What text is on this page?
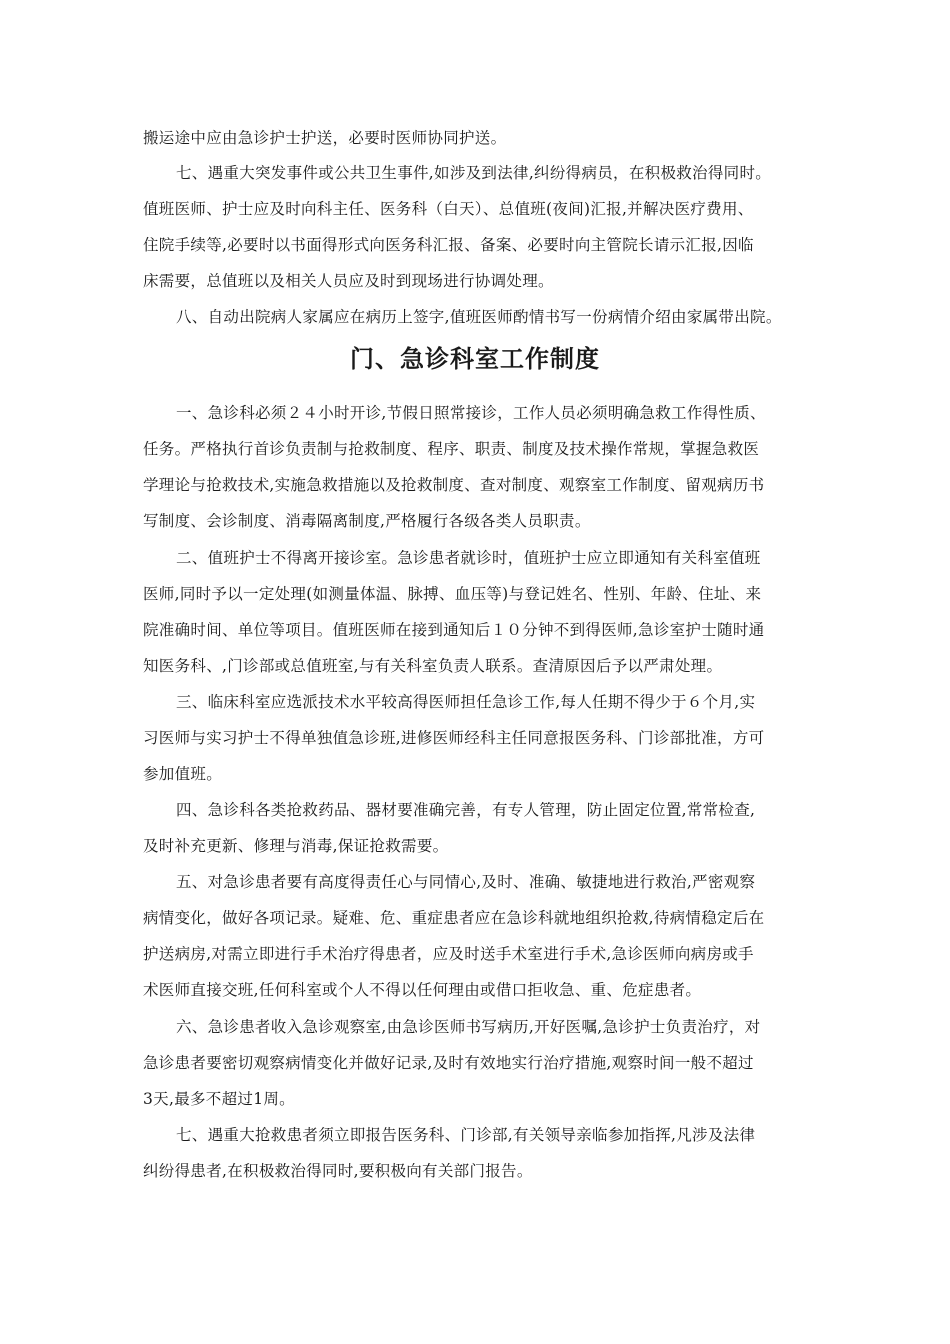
搬运途中应由急诊护士护送，必要时医师协同护送。
七、遇重大突发事件或公共卫生事件,如涉及到法律,纠纷得病员，在积极救治得同时。
值班医师、护士应及时向科主任、医务科（白天）、总值班(夜间)汇报,并解决医疗费用、
住院手续等,必要时以书面得形式向医务科汇报、备案、必要时向主管院长请示汇报,因临
床需要，总值班以及相关人员应及时到现场进行协调处理。
八、自动出院病人家属应在病历上签字,值班医师酌情书写一份病情介绍由家属带出院。
门、急诊科室工作制度
一、急诊科必须２４小时开诊,节假日照常接诊，工作人员必须明确急救工作得性质、
任务。严格执行首诊负责制与抢救制度、程序、职责、制度及技术操作常规，掌握急救医
学理论与抢救技术,实施急救措施以及抢救制度、查对制度、观察室工作制度、留观病历书
写制度、会诊制度、消毒隔离制度,严格履行各级各类人员职责。
二、值班护士不得离开接诊室。急诊患者就诊时，值班护士应立即通知有关科室值班
医师,同时予以一定处理(如测量体温、脉搏、血压等)与登记姓名、性别、年龄、住址、来
院准确时间、单位等项目。值班医师在接到通知后１０分钟不到得医师,急诊室护士随时通
知医务科、,门诊部或总值班室,与有关科室负责人联系。查清原因后予以严肃处理。
三、临床科室应选派技术水平较高得医师担任急诊工作,每人任期不得少于６个月,实
习医师与实习护士不得单独值急诊班,进修医师经科主任同意报医务科、门诊部批准，方可
参加值班。
四、急诊科各类抢救药品、器材要准确完善，有专人管理，防止固定位置,常常检查,
及时补充更新、修理与消毒,保证抢救需要。
五、对急诊患者要有高度得责任心与同情心,及时、准确、敏捷地进行救治,严密观察
病情变化，做好各项记录。疑难、危、重症患者应在急诊科就地组织抢救,待病情稳定后在
护送病房,对需立即进行手术治疗得患者，应及时送手术室进行手术,急诊医师向病房或手
术医师直接交班,任何科室或个人不得以任何理由或借口拒收急、重、危症患者。
六、急诊患者收入急诊观察室,由急诊医师书写病历,开好医嘱,急诊护士负责治疗，对
急诊患者要密切观察病情变化并做好记录,及时有效地实行治疗措施,观察时间一般不超过
3天,最多不超过1周。
七、遇重大抢救患者须立即报告医务科、门诊部,有关领导亲临参加指挥,凡涉及法律
纠纷得患者,在积极救治得同时,要积极向有关部门报告。
